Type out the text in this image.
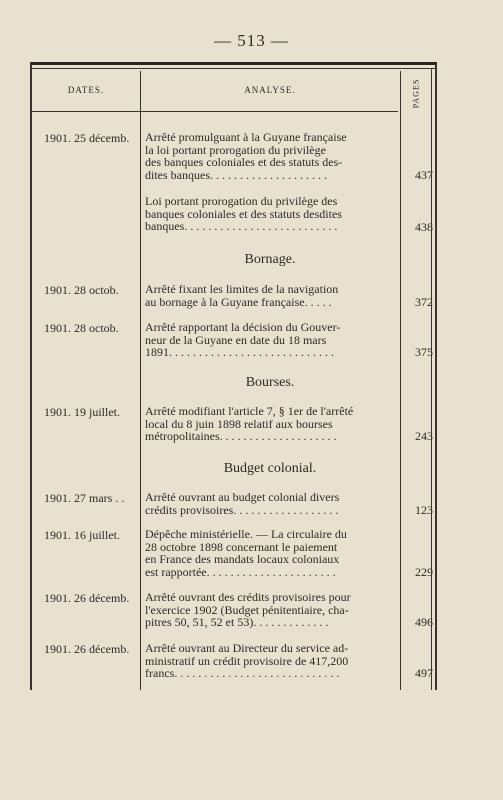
— 513 —
DATES.	ANALYSE.	PAGES
1901. 25 décemb.	Arrêté promulguant à la Guyane française
la loi portant prorogation du privilège
des banques coloniales et des statuts des-
dites banques. . . . . . . . . . . . . . . . . . . .	437
Loi portant prorogation du privilège des
banques coloniales et des statuts desdites
banques. . . . . . . . . . . . . . . . . . . . . . . . . .	438
Bornage.
1901. 28 octob.	Arrêté fixant les limites de la navigation
au bornage à la Guyane française. . . . .	372
1901. 28 octob.	Arrêté rapportant la décision du Gouver-
neur de la Guyane en date du 18 mars
1891. . . . . . . . . . . . . . . . . . . . . . . . . . . .	375
Bourses.
1901. 19 juillet.	Arrêté modifiant l'article 7, § 1er de l'arrêté
local du 8 juin 1898 relatif aux bourses
métropolitaines. . . . . . . . . . . . . . . . . . . .	243
Budget colonial.
1901. 27 mars . .	Arrêté ouvrant au budget colonial divers
crédits provisoires. . . . . . . . . . . . . . . . . .	123
1901. 16 juillet.	Dépêche ministérielle. — La circulaire du
28 octobre 1898 concernant le paiement
en France des mandats locaux coloniaux
est rapportée. . . . . . . . . . . . . . . . . . . . . .	229
1901. 26 décemb.	Arrêté ouvrant des crédits provisoires pour
l'exercice 1902 (Budget pénitentiaire, cha-
pitres 50, 51, 52 et 53). . . . . . . . . . . . .	496
1901. 26 décemb.	Arrêté ouvrant au Directeur du service ad-
ministratif un crédit provisoire de 417,200
francs. . . . . . . . . . . . . . . . . . . . . . . . . . . .	497
